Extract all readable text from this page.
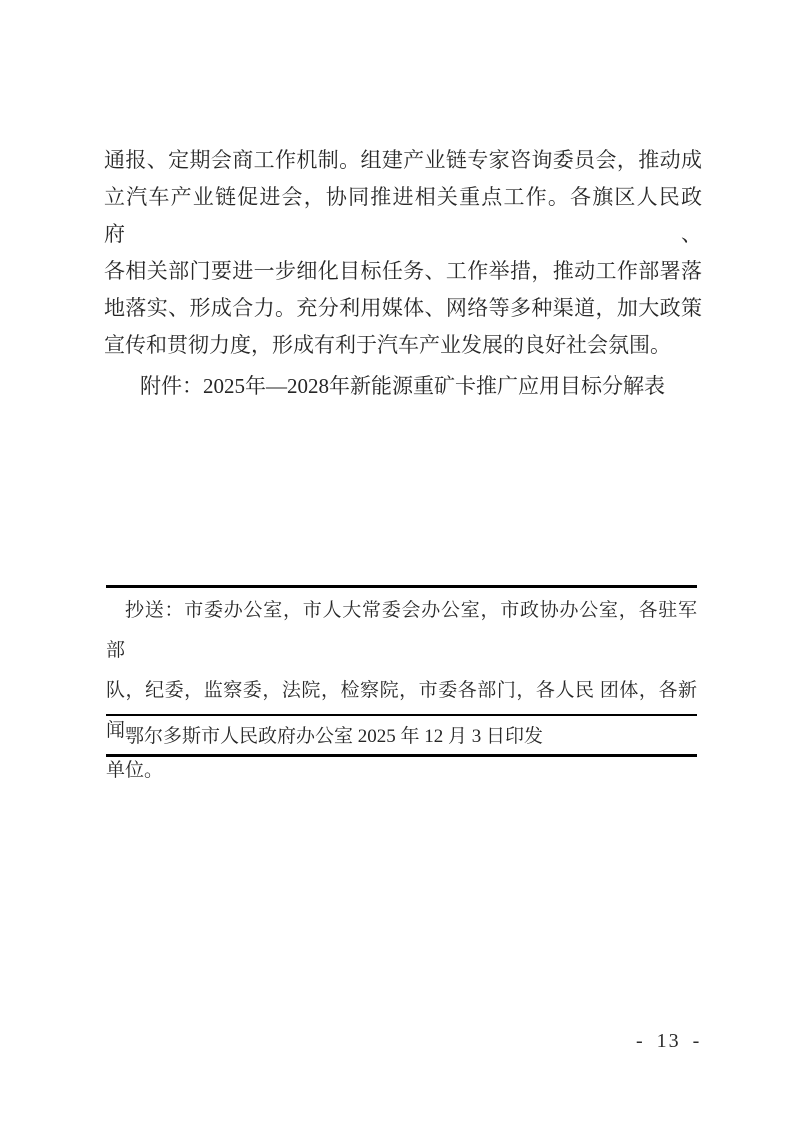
通报、定期会商工作机制。组建产业链专家咨询委员会，推动成
立汽车产业链促进会，协同推进相关重点工作。各旗区人民政府、
各相关部门要进一步细化目标任务、工作举措，推动工作部署落
地落实、形成合力。充分利用媒体、网络等多种渠道，加大政策
宣传和贯彻力度，形成有利于汽车产业发展的良好社会氛围。
附件：2025年—2028年新能源重矿卡推广应用目标分解表
抄送：市委办公室，市人大常委会办公室，市政协办公室，各驻军 部
队，纪委，监察委，法院，检察院，市委各部门，各人民 团体，各新闻
单位。
鄂尔多斯市人民政府办公室 2025 年 12 月 3 日印发
- 13 -
